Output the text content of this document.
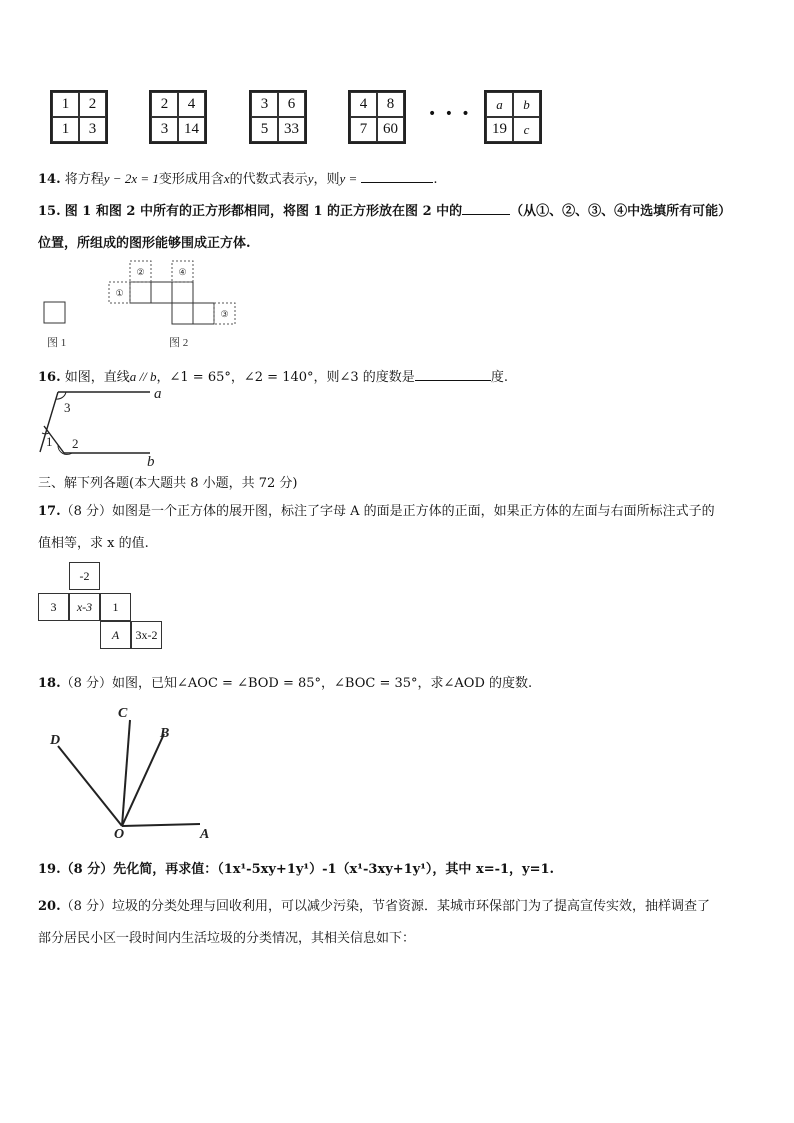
1	2
1	3
2	4
3	14
3	6
5	33
4	8
7	60
• • •
a	b
19	c
14. 将方程y − 2x = 1变形成用含x的代数式表示y，则y =	.
15. 图 1 和图 2 中所有的正方形都相同，将图 1 的正方形放在图 2 中的	（从①、②、③、④中选填所有可能）
位置，所组成的图形能够围成正方体.
①
②	④
③
图 1	图 2
16. 如图，直线a // b，∠1 = 65°，∠2 = 140°，则∠3 的度数是	度.
a
b
3
1 2
三、解下列各题(本大题共 8 小题，共 72 分)
17.（8 分）如图是一个正方体的展开图，标注了字母 A 的面是正方体的正面，如果正方体的左面与右面所标注式子的
值相等，求 x 的值.
-2
3	x-3	1
A	3x-2
18.（8 分）如图，已知∠AOC = ∠BOD = 85°，∠BOC = 35°，求∠AOD 的度数.
C
B
D
O	A
19.（8 分）先化简，再求值：（1x¹-5xy+1y¹）-1（x¹-3xy+1y¹），其中 x=-1，y=1.
20.（8 分）垃圾的分类处理与回收利用，可以减少污染，节省资源．某城市环保部门为了提高宣传实效，抽样调查了
部分居民小区一段时间内生活垃圾的分类情况，其相关信息如下：
